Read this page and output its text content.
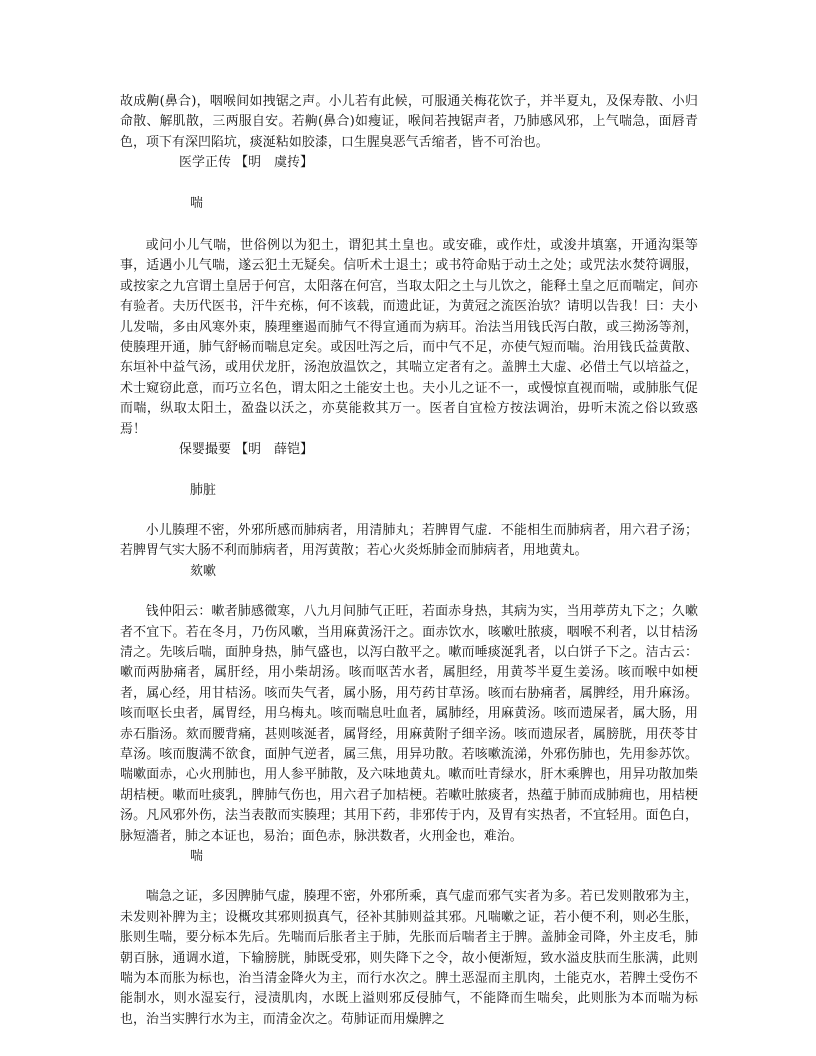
故成齁(鼻合)，咽喉间如拽锯之声。小儿若有此候，可服通关梅花饮子，并半夏丸，及保寿散、小归命散、解肌散，三两服自安。若齁(鼻合)如瘦证，喉间若拽锯声者，乃肺感风邪，上气喘急，面唇青色，项下有深凹陷坑，痰涎粘如胶漆，口生腥臭恶气舌缩者，皆不可治也。

医学正传 【明　虞抟】

喘

或问小儿气喘，世俗例以为犯土，谓犯其土皇也。或安碓，或作灶，或浚井填塞，开通沟渠等事，适遇小儿气喘，遂云犯土无疑矣。信听术士退土；或书符命贴于动土之处；或咒法水焚符调服，或按家之九宫谓土皇居于何宫，太阳落在何宫，当取太阳之土与儿饮之，能释土皇之厄而喘定，间亦有验者。夫历代医书，汗牛充栋，何不该载，而遗此证，为黄冠之流医治欤？请明以告我！曰：夫小儿发喘，多由风寒外束，腠理壅遏而肺气不得宣通而为病耳。治法当用钱氏泻白散，或三拗汤等剂，使腠理开通，肺气舒畅而喘息定矣。或因吐泻之后，而中气不足，亦使气短而喘。治用钱氏益黄散、东垣补中益气汤，或用伏龙肝，汤泡放温饮之，其喘立定者有之。盖脾土大虚、必借土气以培益之，术士窥窃此意，而巧立名色，谓太阳之土能安土也。夫小儿之证不一，或慢惊直视而喘，或肺胀气促而喘，纵取太阳土，盈盎以沃之，亦莫能救其万一。医者自宜检方按法调治，毋听末流之俗以致惑焉！

保婴撮要 【明　薛铠】

肺脏

小儿腠理不密，外邪所感而肺病者，用清肺丸；若脾胃气虚．不能相生而肺病者，用六君子汤；若脾胃气实大肠不利而肺病者，用泻黄散；若心火炎烁肺金而肺病者，用地黄丸。

欬嗽

钱仲阳云：嗽者肺感微寒，八九月间肺气正旺，若面赤身热，其病为实，当用葶苈丸下之；久嗽者不宜下。若在冬月，乃伤风嗽，当用麻黄汤汗之。面赤饮水，咳嗽吐脓痰，咽喉不利者，以甘桔汤清之。先咳后喘，面肿身热，肺气盛也，以泻白散平之。嗽而唾痰涎乳者，以白饼子下之。洁古云：嗽而两胁痛者，属肝经，用小柴胡汤。咳而呕苦水者，属胆经，用黄芩半夏生姜汤。咳而喉中如梗者，属心经，用甘桔汤。咳而失气者，属小肠，用芍药甘草汤。咳而右胁痛者，属脾经，用升麻汤。咳而呕长虫者，属胃经，用乌梅丸。咳而喘息吐血者，属肺经，用麻黄汤。咳而遗屎者，属大肠，用赤石脂汤。欬而腰背痛，甚则咳涎者，属肾经，用麻黄附子细辛汤。咳而遗尿者，属膀胱，用茯苓甘草汤。咳而腹满不欲食，面肿气逆者，属三焦，用异功散。若咳嗽流涕，外邪伤肺也，先用参苏饮。喘嗽面赤，心火刑肺也，用人参平肺散，及六味地黄丸。嗽而吐青绿水，肝木乘脾也，用异功散加柴胡桔梗。嗽而吐痰乳，脾肺气伤也，用六君子加桔梗。若嗽吐脓痰者，热蕴于肺而成肺痈也，用桔梗汤。凡风邪外伤，法当表散而实腠理；其用下药，非邪传于内，及胃有实热者，不宜轻用。面色白，脉短濇者，肺之本证也，易治；面色赤，脉洪数者，火刑金也，难治。

喘

喘急之证，多因脾肺气虚，腠理不密，外邪所乘，真气虚而邪气实者为多。若已发则散邪为主，未发则补脾为主；设概攻其邪则损真气，径补其肺则益其邪。凡喘嗽之证，若小便不利，则必生胀，胀则生喘，要分标本先后。先喘而后胀者主于肺，先胀而后喘者主于脾。盖肺金司降，外主皮毛，肺朝百脉，通调水道，下输膀胱，肺既受邪，则失降下之令，故小便渐短，致水溢皮肤而生胀满，此则喘为本而胀为标也，治当清金降火为主，而行水次之。脾土恶湿而主肌肉，土能克水，若脾土受伤不能制水，则水湿妄行，浸渍肌肉，水既上溢则邪反侵肺气，不能降而生喘矣，此则胀为本而喘为标也，治当实脾行水为主，而清金次之。苟肺证而用燥脾之
